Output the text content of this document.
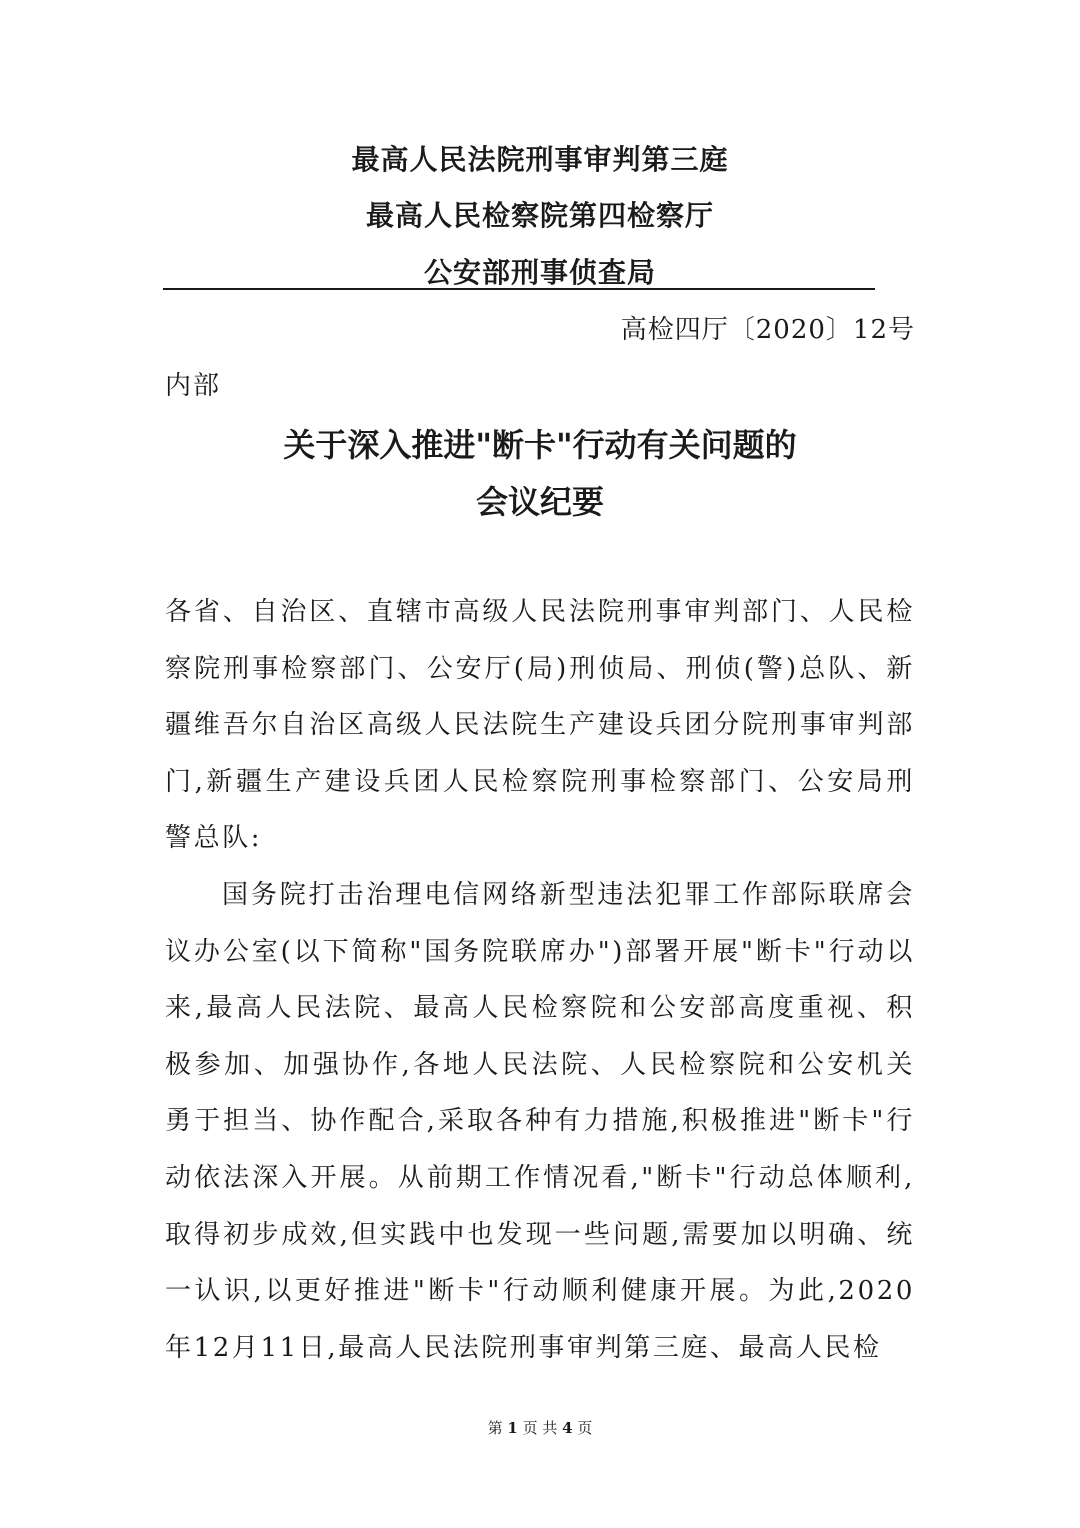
最高人民法院刑事审判第三庭
最高人民检察院第四检察厅
公安部刑事侦查局
高检四厅〔2020〕12号
内部
关于深入推进"断卡"行动有关问题的
会议纪要

各省、自治区、直辖市高级人民法院刑事审判部门、人民检察院刑事检察部门、公安厅(局)刑侦局、刑侦(警)总队、新疆维吾尔自治区高级人民法院生产建设兵团分院刑事审判部门,新疆生产建设兵团人民检察院刑事检察部门、公安局刑警总队:

国务院打击治理电信网络新型违法犯罪工作部际联席会议办公室(以下简称"国务院联席办")部署开展"断卡"行动以来,最高人民法院、最高人民检察院和公安部高度重视、积极参加、加强协作,各地人民法院、人民检察院和公安机关勇于担当、协作配合,采取各种有力措施,积极推进"断卡"行动依法深入开展。从前期工作情况看,"断卡"行动总体顺利,取得初步成效,但实践中也发现一些问题,需要加以明确、统一认识,以更好推进"断卡"行动顺利健康开展。为此,2020年12月11日,最高人民法院刑事审判第三庭、最高人民检

第 1 页 共 4 页
